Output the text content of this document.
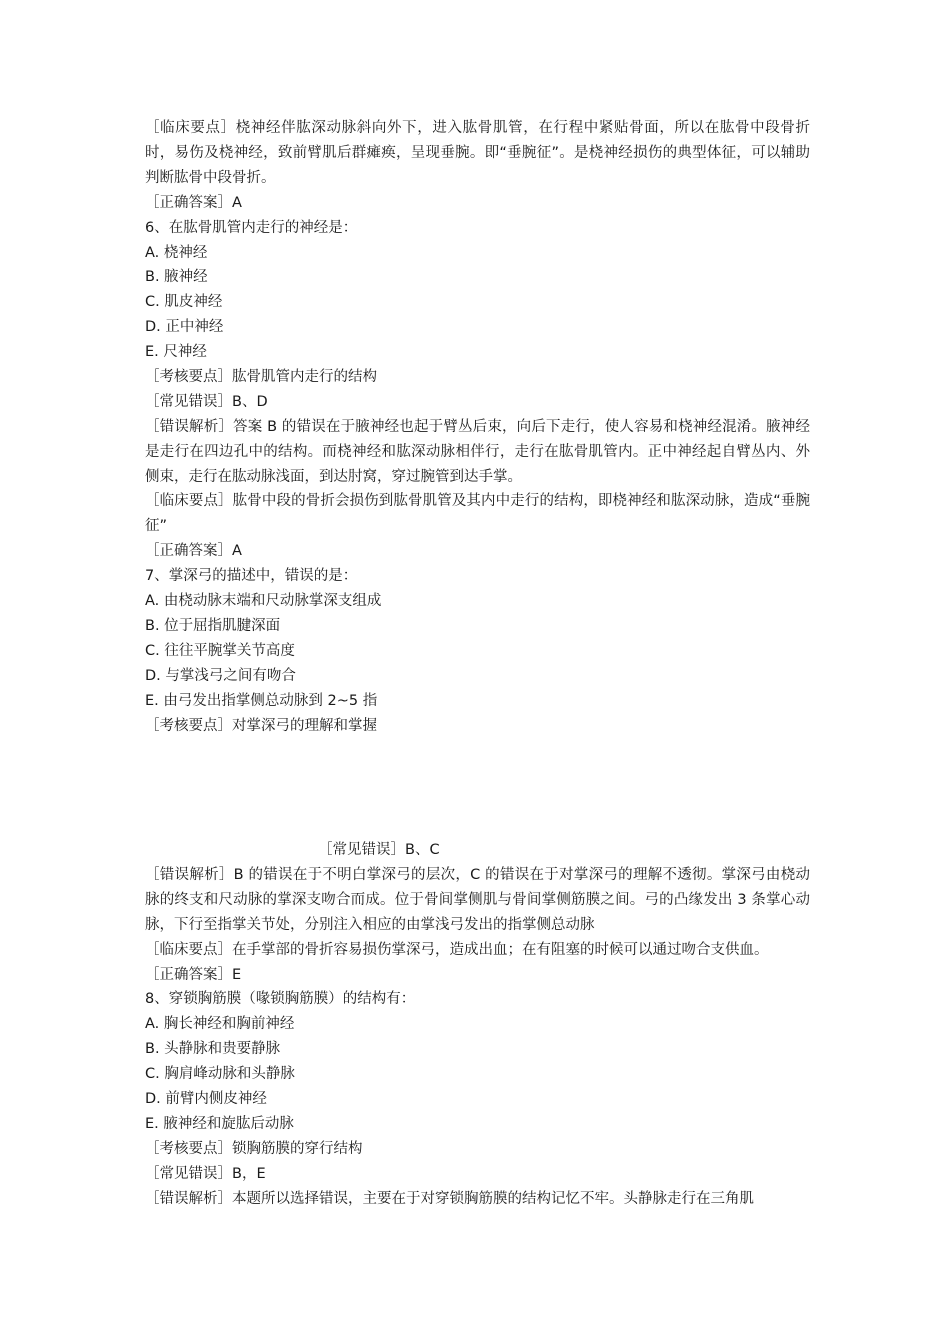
［临床要点］桡神经伴肱深动脉斜向外下，进入肱骨肌管，在行程中紧贴骨面，所以在肱骨中段骨折时，易伤及桡神经，致前臂肌后群瘫痪，呈现垂腕。即“垂腕征”。是桡神经损伤的典型体征，可以辅助判断肱骨中段骨折。
［正确答案］A
6、在肱骨肌管内走行的神经是：
A. 桡神经
B. 腋神经
C. 肌皮神经
D. 正中神经
E. 尺神经
［考核要点］肱骨肌管内走行的结构
［常见错误］B、D
［错误解析］答案 B 的错误在于腋神经也起于臂丛后束，向后下走行，使人容易和桡神经混淆。腋神经是走行在四边孔中的结构。而桡神经和肱深动脉相伴行，走行在肱骨肌管内。正中神经起自臂丛内、外侧束，走行在肱动脉浅面，到达肘窝，穿过腕管到达手掌。
［临床要点］肱骨中段的骨折会损伤到肱骨肌管及其内中走行的结构，即桡神经和肱深动脉，造成“垂腕征”
［正确答案］A
7、掌深弓的描述中，错误的是：
A. 由桡动脉末端和尺动脉掌深支组成
B. 位于屈指肌腱深面
C. 往往平腕掌关节高度
D. 与掌浅弓之间有吻合
E. 由弓发出指掌侧总动脉到 2~5 指
［考核要点］对掌深弓的理解和掌握
［常见错误］B、C
［错误解析］B 的错误在于不明白掌深弓的层次，C 的错误在于对掌深弓的理解不透彻。掌深弓由桡动脉的终支和尺动脉的掌深支吻合而成。位于骨间掌侧肌与骨间掌侧筋膜之间。弓的凸缘发出 3 条掌心动脉，下行至指掌关节处，分别注入相应的由掌浅弓发出的指掌侧总动脉
［临床要点］在手掌部的骨折容易损伤掌深弓，造成出血；在有阻塞的时候可以通过吻合支供血。
［正确答案］E
8、穿锁胸筋膜（喙锁胸筋膜）的结构有：
A. 胸长神经和胸前神经
B. 头静脉和贵要静脉
C. 胸肩峰动脉和头静脉
D. 前臂内侧皮神经
E. 腋神经和旋肱后动脉
［考核要点］锁胸筋膜的穿行结构
［常见错误］B，E
［错误解析］本题所以选择错误，主要在于对穿锁胸筋膜的结构记忆不牢。头静脉走行在三角肌
